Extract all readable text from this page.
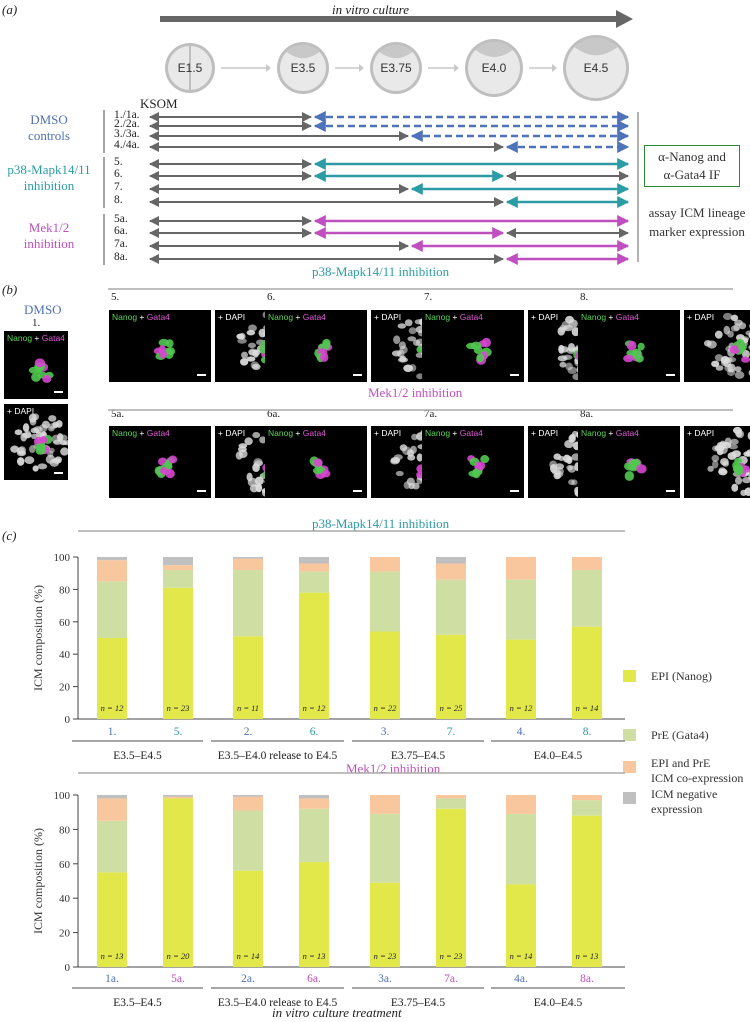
(a)	in vitro culture
KSOM
DMSO
controls
p38-Mapk14/11
inhibition
Mek1/2
inhibition
1./1a.
2./2a.
3./3a.
4./4a.
5.
6.
7.
8.
5a.
6a.
7a.
8a.
α-Nanog and
α-Gata4 IF
assay ICM lineage
marker expression
(b)
DMSO
1.
p38-Mapk14/11 inhibition
Mek1/2 inhibition
Nanog + Gata4
+ DAPI
5.
Nanog + Gata4	+ DAPI
6.
Nanog + Gata4	+ DAPI
7.
Nanog + Gata4	+ DAPI
8.
Nanog + Gata4	+ DAPI
5a.
Nanog + Gata4	+ DAPI
6a.
Nanog + Gata4	+ DAPI
7a.
Nanog + Gata4	+ DAPI
8a.
Nanog + Gata4	+ DAPI
(c)
p38-Mapk14/11 inhibition
Mek1/2 inhibition
in vitro culture treatment
EPI (Nanog)
PrE (Gata4)
EPI and PrE
ICM co-expression
ICM negative
expression
E1.5	E3.5	E3.75	E4.0	E4.5
0
20
40
60
80
100
ICM composition (%)
n = 12
1.
n = 23
5.
n = 11
2.
n = 12
6.
n = 22
3.
n = 25
7.
n = 12
4.
n = 14
8.
E3.5–E4.5	E3.5–E4.0 release to E4.5	E3.75–E4.5	E4.0–E4.5
0
20
40
60
80
100
ICM composition (%)
n = 13
1a.
n = 20
5a.
n = 14
2a.
n = 13
6a.
n = 23
3a.
n = 23
7a.
n = 14
4a.
n = 13
8a.
E3.5–E4.5	E3.5–E4.0 release to E4.5	E3.75–E4.5	E4.0–E4.5
